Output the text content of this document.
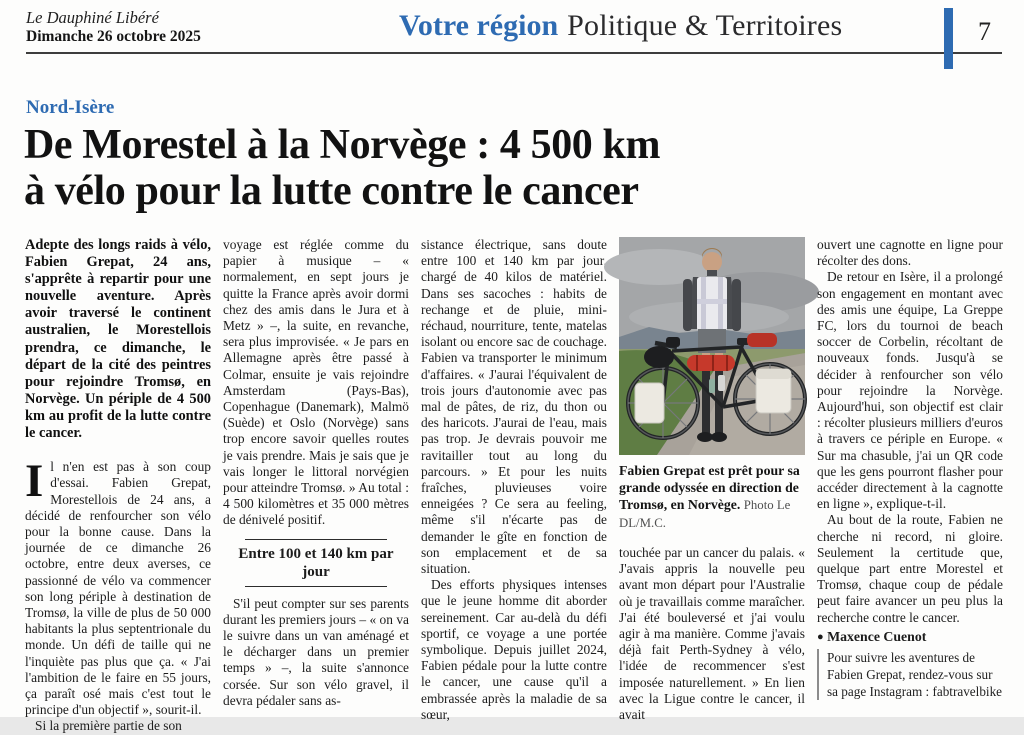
Le Dauphiné Libéré
Dimanche 26 octobre 2025	Votre région Politique & Territoires	7
Nord-Isère
De Morestel à la Norvège : 4 500 km
à vélo pour la lutte contre le cancer

Adepte des longs raids à vélo, Fabien Grepat, 24 ans, s'apprête à repartir pour une nouvelle aventure. Après avoir traversé le continent australien, le Morestellois prendra, ce dimanche, le départ de la cité des peintres pour rejoindre Tromsø, en Norvège. Un périple de 4 500 km au profit de la lutte contre le cancer.

Il n'en est pas à son coup d'essai. Fabien Grepat, Morestellois de 24 ans, a décidé de renfourcher son vélo pour la bonne cause. Dans la journée de ce dimanche 26 octobre, entre deux averses, ce passionné de vélo va commencer son long périple à destination de Tromsø, la ville de plus de 50 000 habitants la plus septentrionale du monde. Un défi de taille qui ne l'inquiète pas plus que ça. « J'ai l'ambition de le faire en 55 jours, ça paraît osé mais c'est tout le principe d'un objectif », sourit-il.

Si la première partie de son

voyage est réglée comme du papier à musique – « normalement, en sept jours je quitte la France après avoir dormi chez des amis dans le Jura et à Metz » –, la suite, en revanche, sera plus improvisée. « Je pars en Allemagne après être passé à Colmar, ensuite je vais rejoindre Amsterdam (Pays-Bas), Copenhague (Danemark), Malmö (Suède) et Oslo (Norvège) sans trop encore savoir quelles routes je vais prendre. Mais je sais que je vais longer le littoral norvégien pour atteindre Tromsø. » Au total : 4 500 kilomètres et 35 000 mètres de dénivelé positif.

Entre 100 et 140 km par jour

S'il peut compter sur ses parents durant les premiers jours – « on va le suivre dans un van aménagé et le décharger dans un premier temps » –, la suite s'annonce corsée. Sur son vélo gravel, il devra pédaler sans as-

sistance électrique, sans doute entre 100 et 140 km par jour, chargé de 40 kilos de matériel. Dans ses sacoches : habits de rechange et de pluie, mini-réchaud, nourriture, tente, matelas isolant ou encore sac de couchage. Fabien va transporter le minimum d'affaires. « J'aurai l'équivalent de trois jours d'autonomie avec pas mal de pâtes, de riz, du thon ou des haricots. J'aurai de l'eau, mais pas trop. Je devrais pouvoir me ravitailler tout au long du parcours. » Et pour les nuits fraîches, pluvieuses voire enneigées ? Ce sera au feeling, même s'il n'écarte pas de demander le gîte en fonction de son emplacement et de sa situation.

Des efforts physiques intenses que le jeune homme dit aborder sereinement. Car au-delà du défi sportif, ce voyage a une portée symbolique. Depuis juillet 2024, Fabien pédale pour la lutte contre le cancer, une cause qu'il a embrassée après la maladie de sa sœur,

Fabien Grepat est prêt pour sa grande odyssée en direction de Tromsø, en Norvège. Photo Le DL/M.C.

touchée par un cancer du palais. « J'avais appris la nouvelle peu avant mon départ pour l'Australie où je travaillais comme maraîcher. J'ai été bouleversé et j'ai voulu agir à ma manière. Comme j'avais déjà fait Perth-Sydney à vélo, l'idée de recommencer s'est imposée naturellement. » En lien avec la Ligue contre le cancer, il avait

ouvert une cagnotte en ligne pour récolter des dons.

De retour en Isère, il a prolongé son engagement en montant avec des amis une équipe, La Greppe FC, lors du tournoi de beach soccer de Corbelin, récoltant de nouveaux fonds. Jusqu'à se décider à renfourcher son vélo pour rejoindre la Norvège. Aujourd'hui, son objectif est clair : récolter plusieurs milliers d'euros à travers ce périple en Europe. « Sur ma chasuble, j'ai un QR code que les gens pourront flasher pour accéder directement à la cagnotte en ligne », explique-t-il.

Au bout de la route, Fabien ne cherche ni record, ni gloire. Seulement la certitude que, quelque part entre Morestel et Tromsø, chaque coup de pédale peut faire avancer un peu plus la recherche contre le cancer.

● Maxence Cuenot

Pour suivre les aventures de Fabien Grepat, rendez-vous sur sa page Instagram : fabtravelbike
